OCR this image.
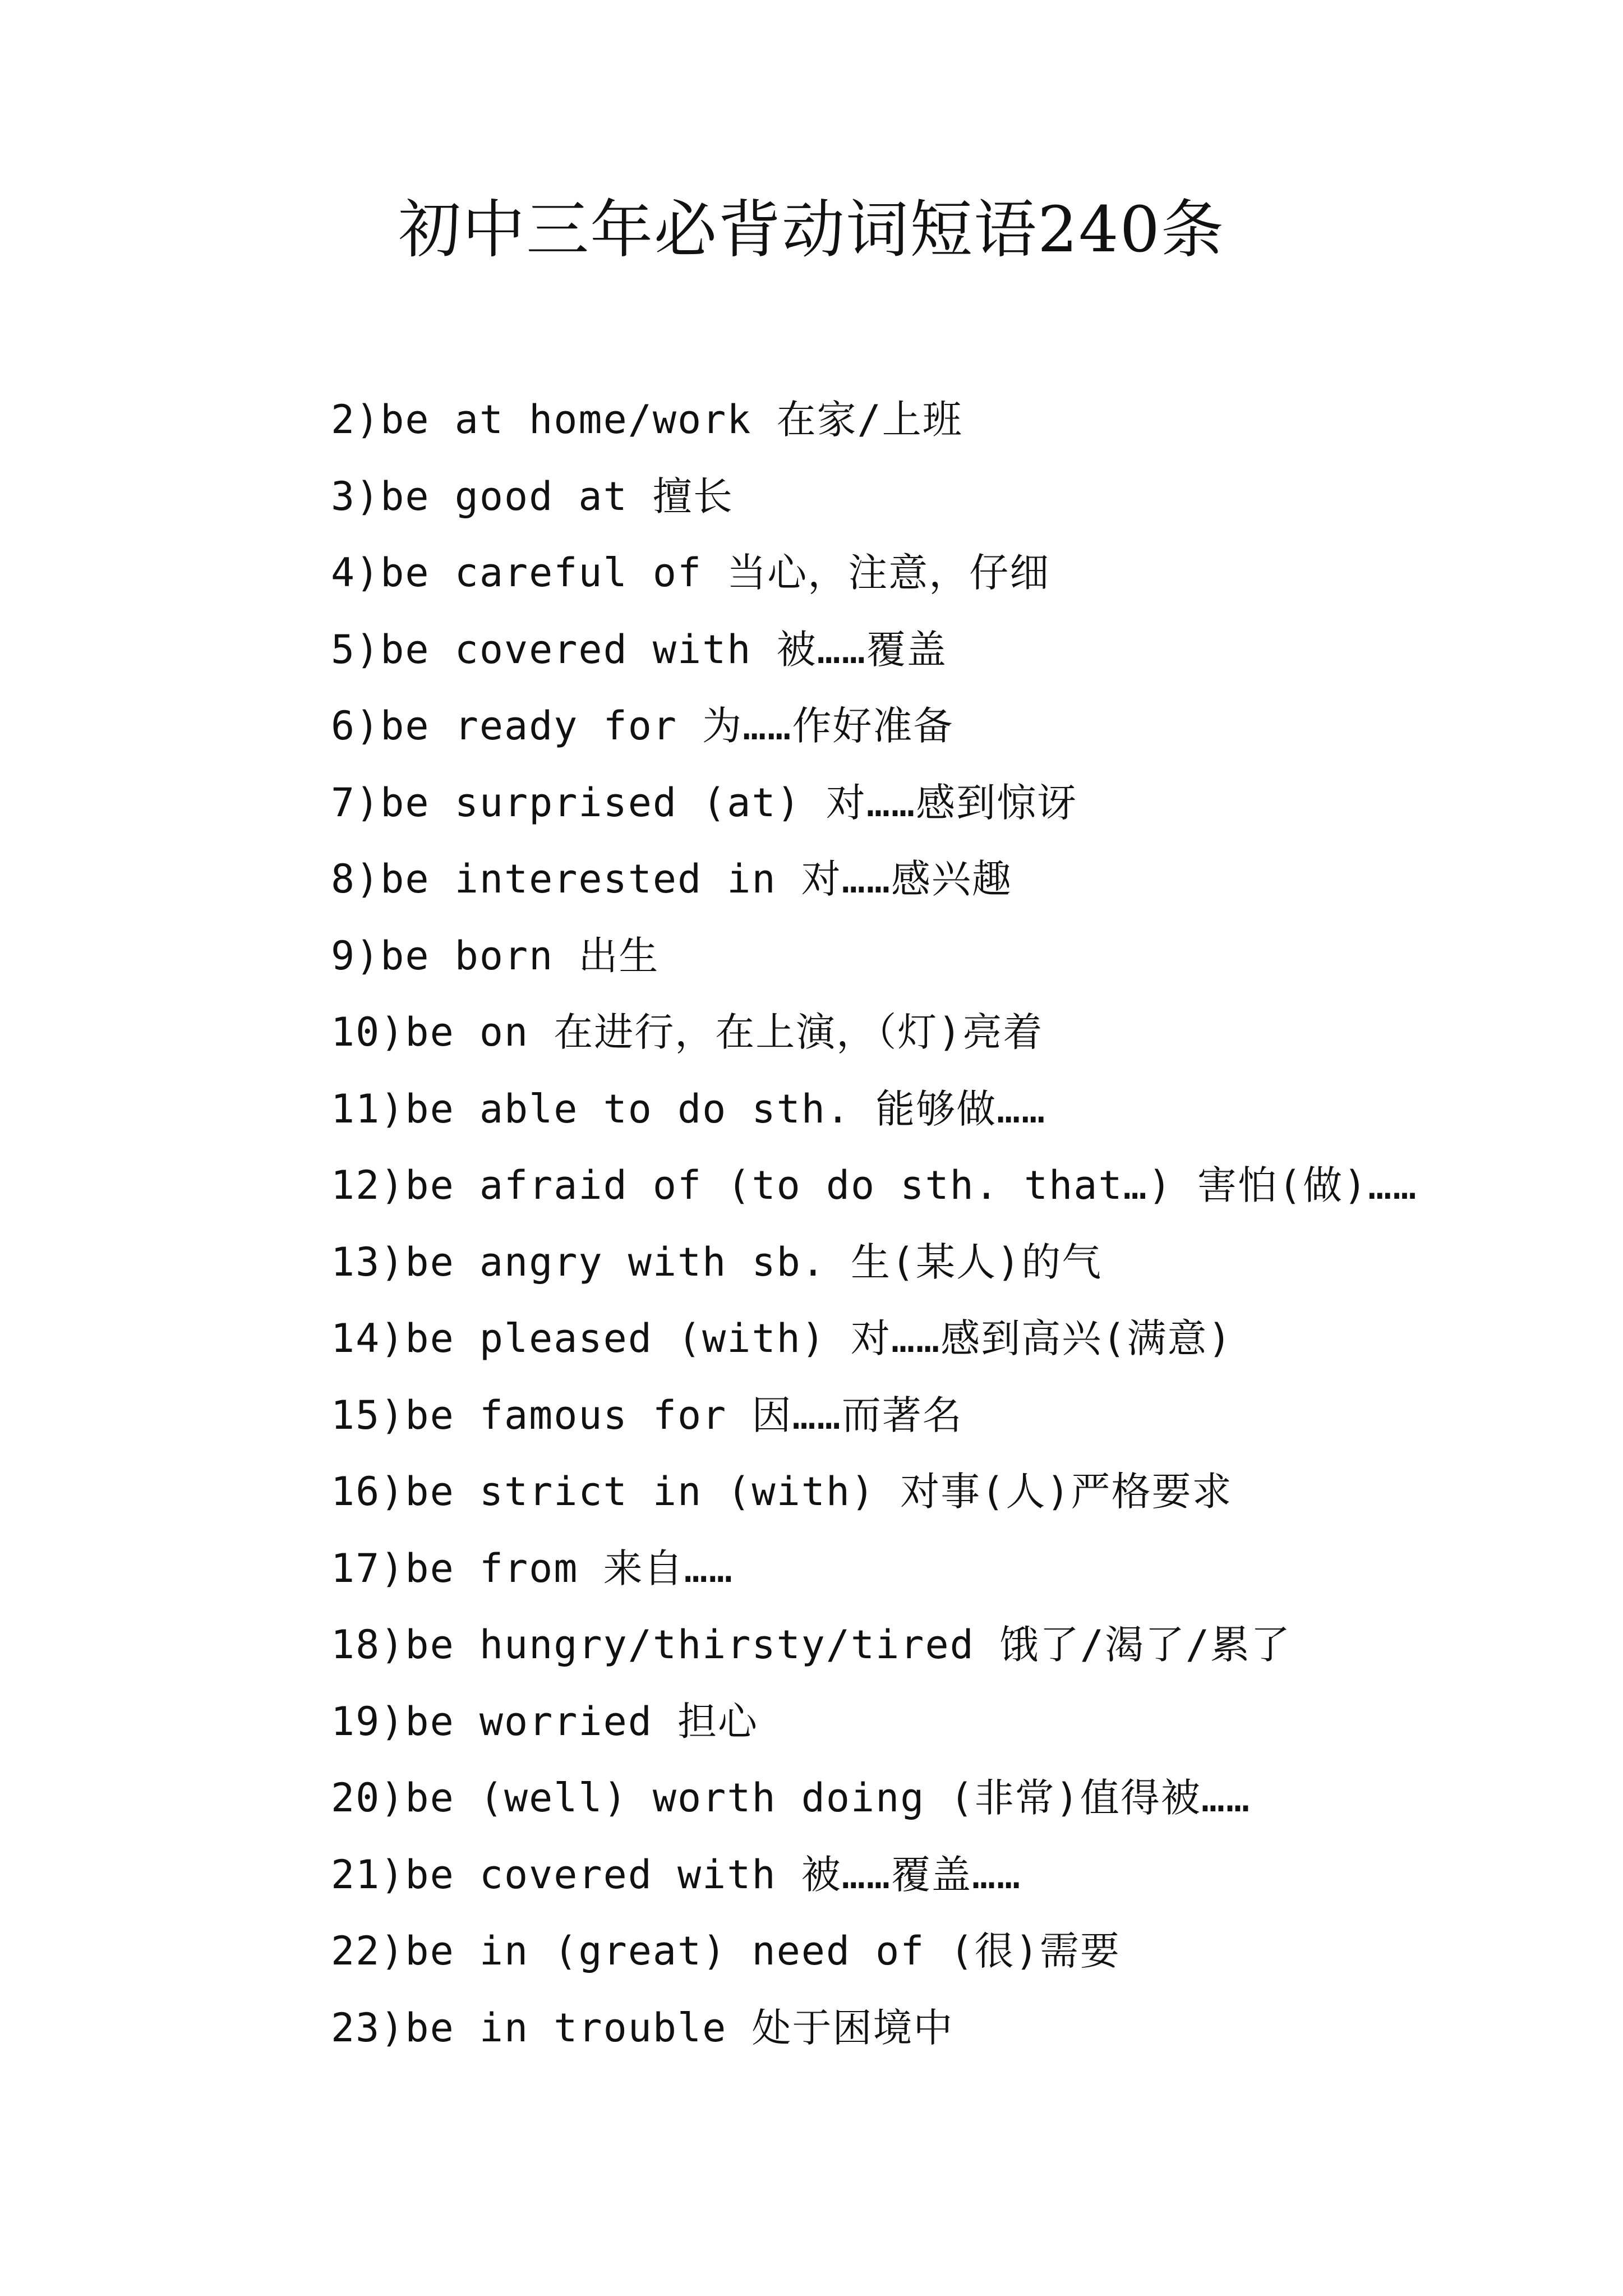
初中三年必背动词短语240条
2)be at home/work 在家/上班
3)be good at 擅长
4)be careful of 当心，注意，仔细
5)be covered with 被……覆盖
6)be ready for 为……作好准备
7)be surprised (at) 对……感到惊讶
8)be interested in 对……感兴趣
9)be born 出生
10)be on 在进行，在上演，（灯)亮着
11)be able to do sth. 能够做……
12)be afraid of (to do sth. that…) 害怕(做)……
13)be angry with sb. 生(某人)的气
14)be pleased (with) 对……感到高兴(满意)
15)be famous for 因……而著名
16)be strict in (with) 对事(人)严格要求
17)be from 来自……
18)be hungry/thirsty/tired 饿了/渴了/累了
19)be worried 担心
20)be (well) worth doing (非常)值得被……
21)be covered with 被……覆盖……
22)be in (great) need of (很)需要
23)be in trouble 处于困境中
